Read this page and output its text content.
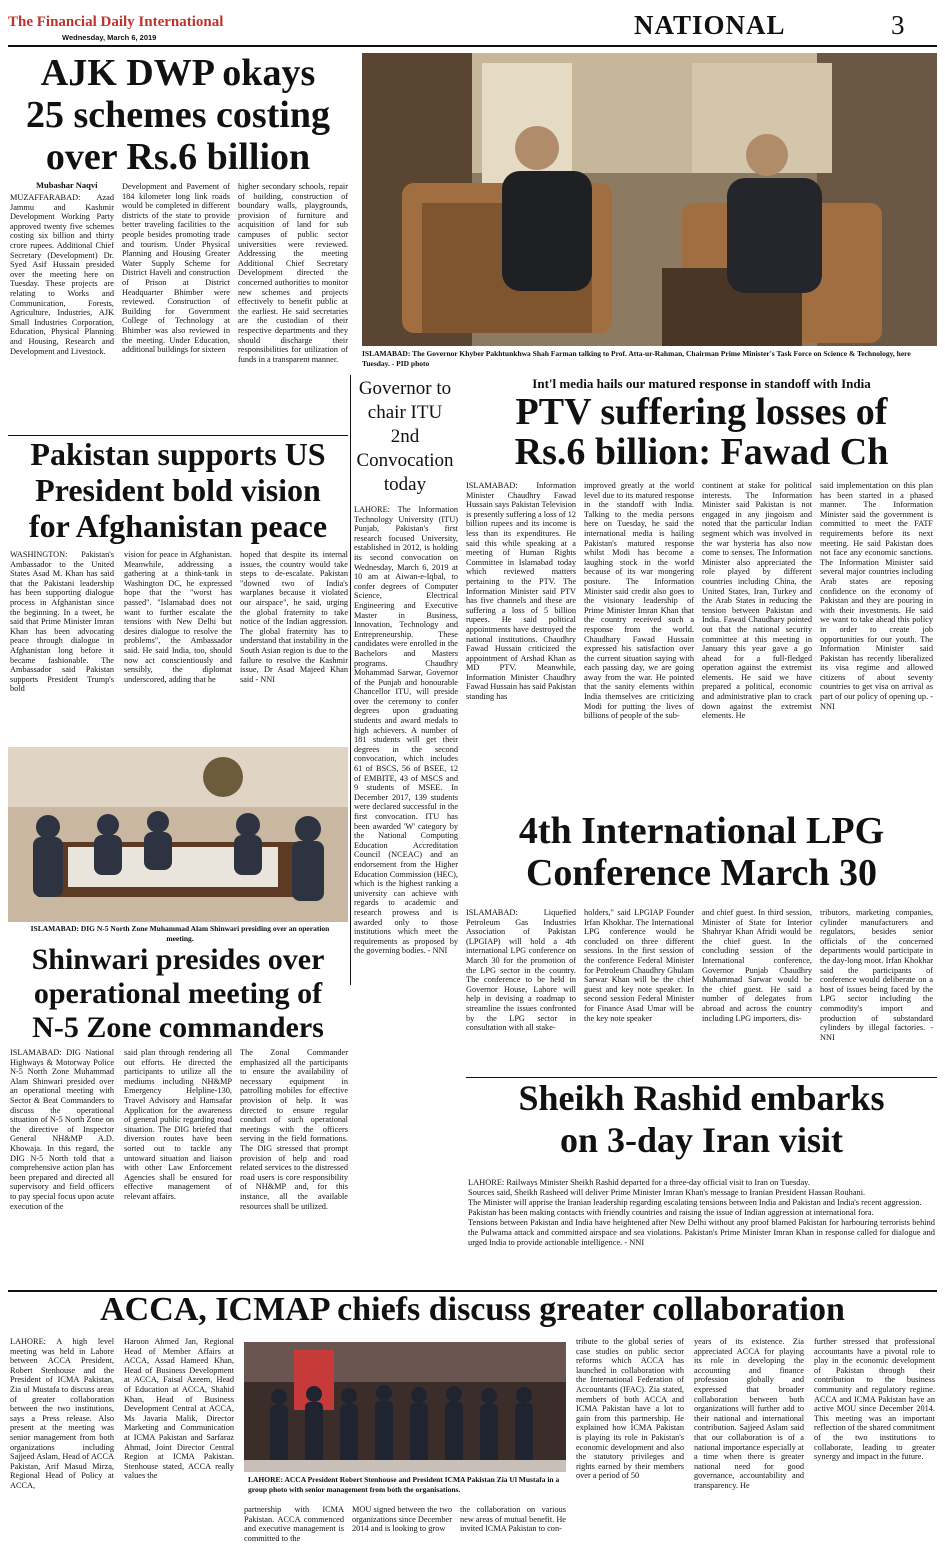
The Financial Daily International
Wednesday, March 6, 2019	NATIONAL	3
AJK DWP okays
25 schemes costing
over Rs.6 billion
Mubashar Naqvi
MUZAFFARABAD: Azad Jammu and Kashmir Development Working Party approved twenty five schemes costing six billion and thirty crore rupees. Additional Chief Secretary (Development) Dr. Syed Asif Hussain presided over the meeting here on Tuesday. These projects are relating to Works and Communication, Forests, Agriculture, Industries, AJK Small Industries Corporation, Education, Physical Planning and Housing, Research and Development and Livestock.
Development and Pavement of 184 kilometer long link roads would be completed in different districts of the state to provide better traveling facilities to the people besides promoting trade and tourism. Under Physical Planning and Housing Greater Water Supply Scheme for District Haveli and construction of Prison at District Headquarter Bhimber were reviewed. Construction of Building for Government College of Technology at Bhimber was also reviewed in the meeting. Under Education, additional buildings for sixteen
higher secondary schools, repair of building, construction of boundary walls, playgrounds, provision of furniture and acquisition of land for sub campuses of public sector universities were reviewed. Addressing the meeting Additional Chief Secretary Development directed the concerned authorities to monitor new schemes and projects effectively to benefit public at the earliest. He said secretaries are the custodian of their respective departments and they should discharge their responsibilities for utilization of funds in a transparent manner.
ISLAMABAD: The Governor Khyber Pakhtunkhwa Shah Farman talking to Prof. Atta-ur-Rahman, Chairman Prime Minister's Task Force on Science & Technology, here Tuesday. - PID photo
Pakistan supports US
President bold vision
for Afghanistan peace
WASHINGTON: Pakistan's Ambassador to the United States Asad M. Khan has said that the Pakistani leadership has been supporting dialogue process in Afghanistan since the beginning. In a tweet, he said that Prime Minister Imran Khan has been advocating peace through dialogue in Afghanistan long before it became fashionable. The Ambassador said Pakistan supports President Trump's bold
vision for peace in Afghanistan. Meanwhile, addressing a gathering at a think-tank in Washington DC, he expressed hope that the "worst has passed". "Islamabad does not want to further escalate the tensions with New Delhi but desires dialogue to resolve the problems", the Ambassador said. He said India, too, should now act conscientiously and sensibly, the diplomat underscored, adding that he
hoped that despite its internal issues, the country would take steps to de-escalate. Pakistan "downed two of India's warplanes because it violated our airspace", he said, urging the global fraternity to take notice of the Indian aggression. The global fraternity has to understand that instability in the South Asian region is due to the failure to resolve the Kashmir issue, Dr Asad Majeed Khan said - NNI
ISLAMABAD: DIG N-5 North Zone Muhammad Alam Shinwari presiding over an operation meeting.
Shinwari presides over
operational meeting of
N-5 Zone commanders
ISLAMABAD: DIG National Highways & Motorway Police N-5 North Zone Muhammad Alam Shinwari presided over an operational meeting with Sector & Beat Commanders to discuss the operational situation of N-5 North Zone on the directive of Inspector General NH&MP A.D. Khowaja. In this regard, the DIG N-5 North told that a comprehensive action plan has been prepared and directed all supervisory and field officers to pay special focus upon acute execution of the
said plan through rendering all out efforts. He directed the participants to utilize all the mediums including NH&MP Emergency Helpline-130, Travel Advisory and Hamsafar Application for the awareness of general public regarding road situation. The DIG briefed that diversion routes have been sorted out to tackle any untoward situation and liaison with other Law Enforcement Agencies shall be ensured for effective management of relevant affairs.
The Zonal Commander emphasized all the participants to ensure the availability of necessary equipment in patrolling mobiles for effective provision of help. It was directed to ensure regular conduct of such operational meetings with the officers serving in the field formations. The DIG stressed that prompt provision of help and road related services to the distressed road users is core responsibility of NH&MP and, for this instance, all the available resources shall be utilized.
Governor to chair ITU 2nd Convocation today
LAHORE: The Information Technology University (ITU) Punjab, Pakistan's first research focused University, established in 2012, is holding its second convocation on Wednesday, March 6, 2019 at 10 am at Aiwan-e-Iqbal, to confer degrees of Computer Science, Electrical Engineering and Executive Master in Business, Innovation, Technology and Entrepreneurship. These candidates were enrolled in the Bachelors and Masters programs. Chaudhry Mohammad Sarwar, Governor of the Punjab and honourable Chancellor ITU, will preside over the ceremony to confer degrees upon graduating students and award medals to high achievers. A number of 181 students will get their degrees in the second convocation, which includes 61 of BSCS, 56 of BSEE, 12 of EMBITE, 43 of MSCS and 9 students of MSEE. In December 2017, 139 students were declared successful in the first convocation. ITU has been awarded 'W' category by the National Computing Education Accreditation Council (NCEAC) and an endorsement from the Higher Education Commission (HEC), which is the highest ranking a university can achieve with regards to academic and research prowess and is awarded only to those institutions which meet the requirements as proposed by the governing bodies. - NNI
Int'l media hails our matured response in standoff with India
PTV suffering losses of
Rs.6 billion: Fawad Ch
ISLAMABAD: Information Minister Chaudhry Fawad Hussain says Pakistan Television is presently suffering a loss of 12 billion rupees and its income is less than its expenditures. He said this while speaking at a meeting of Human Rights Committee in Islamabad today which reviewed matters pertaining to the PTV. The Information Minister said PTV has five channels and these are suffering a loss of 5 billion rupees. He said political appointments have destroyed the national institutions. Chaudhry Fawad Hussain criticized the appointment of Arshad Khan as MD PTV. Meanwhile, Information Minister Chaudhry Fawad Hussain has said Pakistan standing has
improved greatly at the world level due to its matured response in the standoff with India. Talking to the media persons here on Tuesday, he said the international media is hailing Pakistan's matured response whilst Modi has become a laughing stock in the world because of its war mongering posture. The Information Minister said credit also goes to the visionary leadership of Prime Minister Imran Khan that the country received such a response from the world. Chaudhary Fawad Hussain expressed his satisfaction over the current situation saying with each passing day, we are going away from the war. He pointed that the sanity elements within India themselves are criticizing Modi for putting the lives of billions of people of the sub-
continent at stake for political interests. The Information Minister said Pakistan is not engaged in any jingoism and noted that the particular Indian segment which was involved in the war hysteria has also now come to senses. The Information Minister also appreciated the role played by different countries including China, the United States, Iran, Turkey and the Arab States in reducing the tension between Pakistan and India. Fawad Chaudhary pointed out that the national security committee at this meeting in January this year gave a go ahead for a full-fledged operation against the extremist elements. He said we have prepared a political, economic and administrative plan to crack down against the extremist elements. He
said implementation on this plan has been started in a phased manner. The Information Minister said the government is committed to meet the FATF requirements before its next meeting. He said Pakistan does not face any economic sanctions. The Information Minister said several major countries including Arab states are reposing confidence on the economy of Pakistan and they are pouring in with their investments. He said we want to take ahead this policy in order to create job opportunities for our youth. The Information Minister said Pakistan has recently liberalized its visa regime and allowed citizens of about seventy countries to get visa on arrival as part of our policy of opening up. - NNI
4th International LPG
Conference March 30
ISLAMABAD: Liquefied Petroleum Gas Industries Association of Pakistan (LPGIAP) will hold a 4th international LPG conference on March 30 for the promotion of the LPG sector in the country. The conference to be held in Governor House, Lahore will help in devising a roadmap to streamline the issues confronted by the LPG sector in consultation with all stake-
holders," said LPGIAP Founder Irfan Khokhar. The International LPG conference would be concluded on three different sessions. In the first session of the conference Federal Minister for Petroleum Chaudhry Ghulam Sarwar Khan will be the chief guest and key note speaker. In second session Federal Minister for Finance Asad Umar will be the key note speaker
and chief guest. In third session, Minister of State for Interior Shahryar Khan Afridi would be the chief guest. In the concluding session of the International conference, Governor Punjab Chaudhry Muhammad Sarwar would be the chief guest. He said a number of delegates from abroad and across the country including LPG importers, dis-
tributors, marketing companies, cylinder manufacturers and regulators, besides senior officials of the concerned departments would participate in the day-long moot. Irfan Khokhar said the participants of conference would deliberate on a host of issues being faced by the LPG sector including the commodity's import and production of substandard cylinders by illegal factories. - NNI
Sheikh Rashid embarks
on 3-day Iran visit

LAHORE: Railways Minister Sheikh Rashid departed for a three-day official visit to Iran on Tuesday.

Sources said, Sheikh Rasheed will deliver Prime Minister Imran Khan's message to Iranian President Hassan Rouhani.

The Minister will apprise the Iranian leadership regarding escalating tensions between India and Pakistan and India's recent aggression.

Pakistan has been making contacts with friendly countries and raising the issue of Indian aggression at international fora.

Tensions between Pakistan and India have heightened after New Delhi without any proof blamed Pakistan for harbouring terrorists behind the Pulwama attack and committed airspace and sea violations. Pakistan's Prime Minister Imran Khan in response called for dialogue and urged India to provide actionable intelligence. - NNI

ACCA, ICMAP chiefs discuss greater collaboration
LAHORE: A high level meeting was held in Lahore between ACCA President, Robert Stenhouse and the President of ICMA Pakistan, Zia ul Mustafa to discuss areas of greater collaboration between the two institutions, says a Press release. Also present at the meeting was senior management from both organizations including Sajjeed Aslam, Head of ACCA Pakistan, Arif Masud Mirza, Regional Head of Policy at ACCA,
Haroon Ahmed Jan, Regional Head of Member Affairs at ACCA, Assad Hameed Khan, Head of Business Development at ACCA, Faisal Azeem, Head of Education at ACCA, Shahid Khan, Head of Business Development Central at ACCA, Ms Javaria Malik, Director Marketing and Communication at ICMA Pakistan and Sarfaraz Ahmad, Joint Director Central Region at ICMA Pakistan. Stenhouse stated, ACCA really values the	LAHORE: ACCA President Robert Stenhouse and President ICMA Pakistan Zia Ul Mustafa in a group photo with senior management from both the organisations.
partnership with ICMA Pakistan. ACCA commenced and executive management is committed to the
MOU signed between the two organizations since December 2014 and is looking to grow
the collaboration on various new areas of mutual benefit. He invited ICMA Pakistan to con-
tribute to the global series of case studies on public sector reforms which ACCA has launched in collaboration with the International Federation of Accountants (IFAC). Zia stated, members of both ACCA and ICMA Pakistan have a lot to gain from this partnership. He explained how ICMA Pakistan is playing its role in Pakistan's economic development and also the statutory privileges and rights earned by their members over a period of 50
years of its existence. Zia appreciated ACCA for playing its role in developing the accounting and finance profession globally and expressed that broader collaboration between both organizations will further add to their national and international contribution. Sajjeed Aslam said that our collaboration is of a national importance especially at a time when there is greater national need for good governance, accountability and transparency. He
further stressed that professional accountants have a pivotal role to play in the economic development of Pakistan through their contribution to the business community and regulatory regime. ACCA and ICMA Pakistan have an active MOU since December 2014. This meeting was an important reflection of the shared commitment of the two institutions to collaborate, leading to greater synergy and impact in the future.
